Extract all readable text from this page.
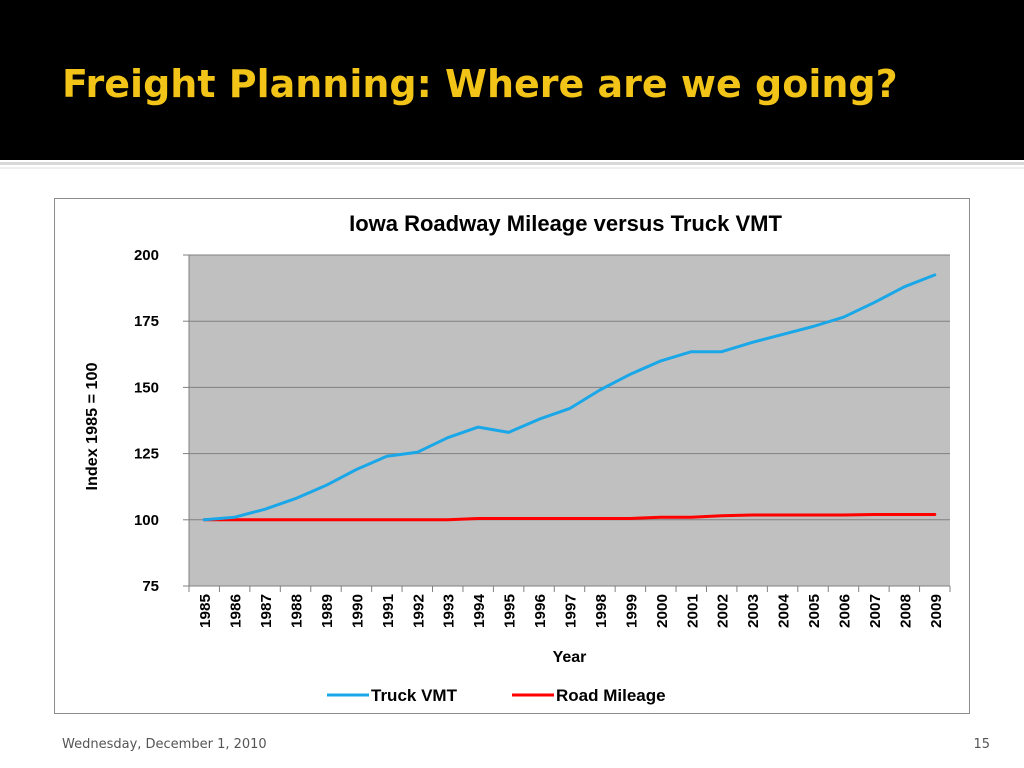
Freight Planning: Where are we going?
75
100
125
150
175
200
1985 1986 1987 1988 1989 1990 1991 1992 1993 1994 1995 1996 1997 1998 1999 2000 2001 2002 2003 2004 2005 2006 2007 2008 2009
Iowa Roadway Mileage versus Truck VMT
Year
Index 1985 = 100
Truck VMT	Road Mileage
Wednesday, December 1, 2010	15
